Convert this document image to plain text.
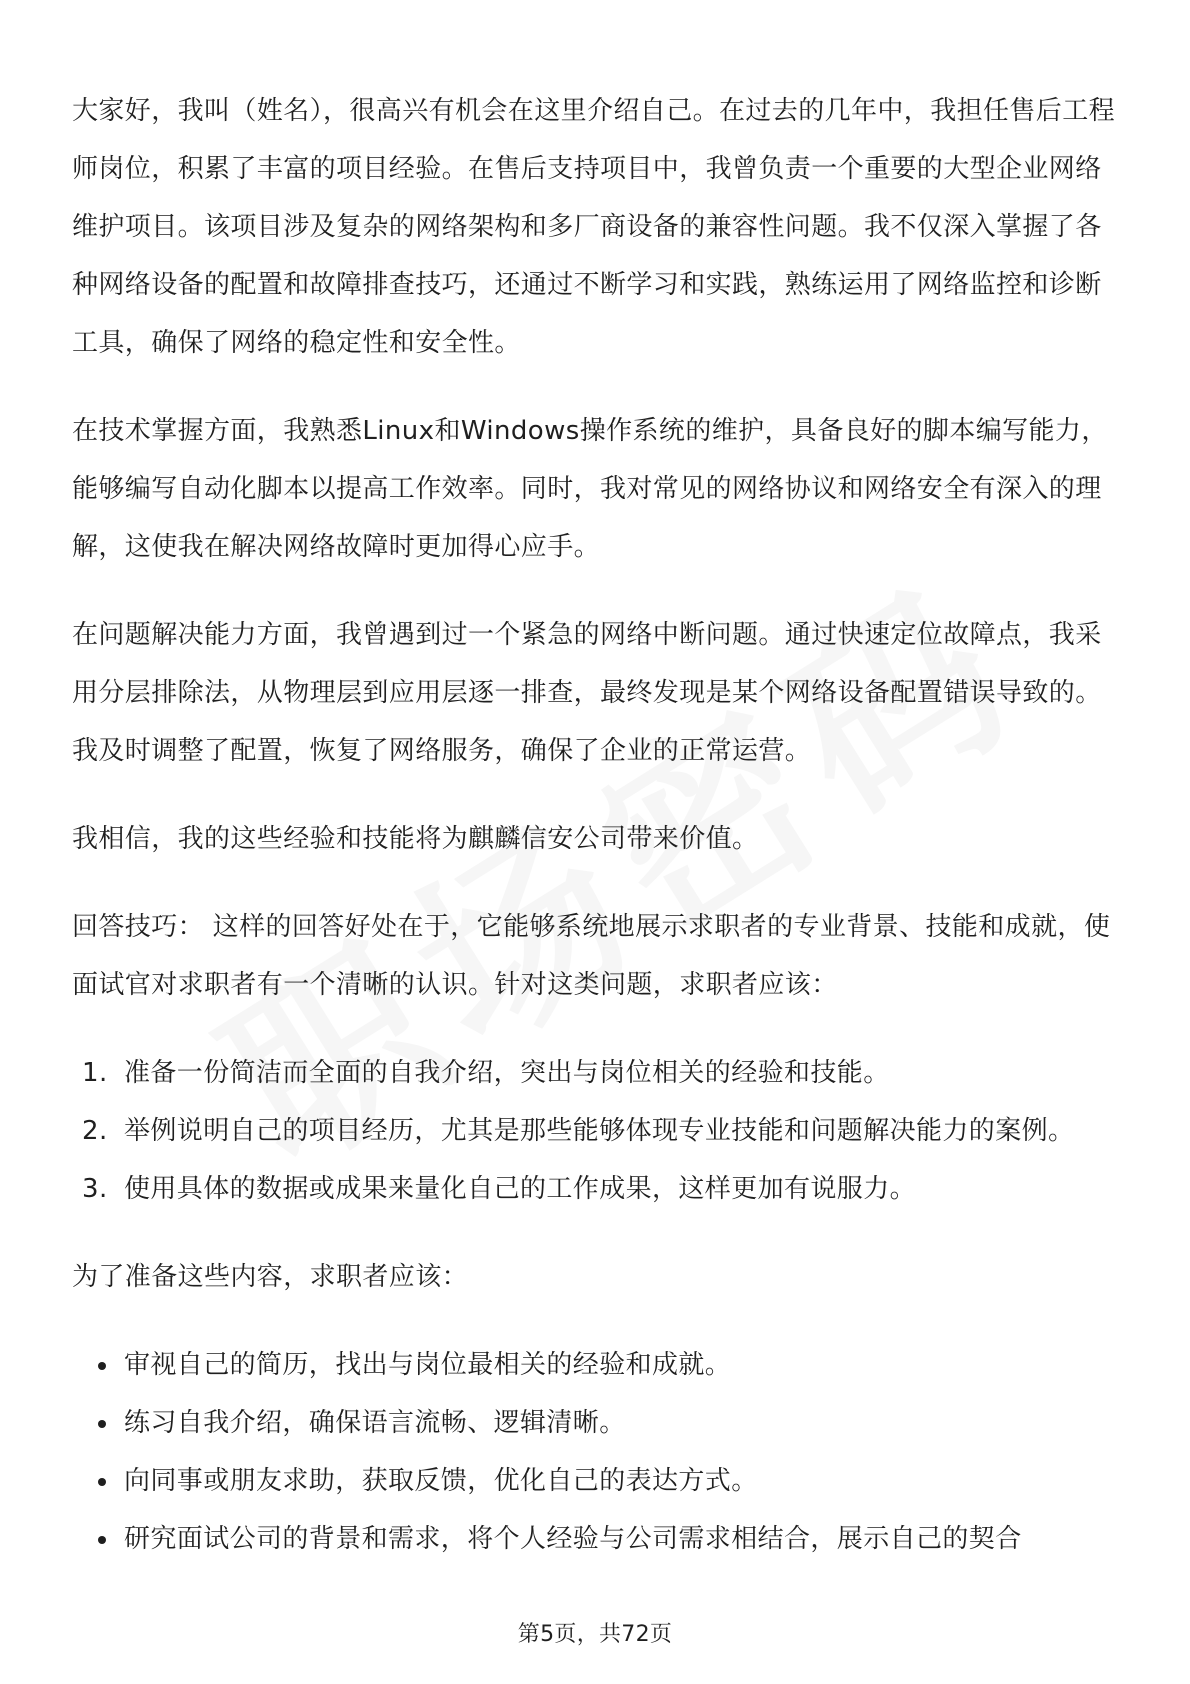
大家好，我叫（姓名），很高兴有机会在这里介绍自己。在过去的几年中，我担任售后工程师岗位，积累了丰富的项目经验。在售后支持项目中，我曾负责一个重要的大型企业网络维护项目。该项目涉及复杂的网络架构和多厂商设备的兼容性问题。我不仅深入掌握了各种网络设备的配置和故障排查技巧，还通过不断学习和实践，熟练运用了网络监控和诊断工具，确保了网络的稳定性和安全性。

在技术掌握方面，我熟悉Linux和Windows操作系统的维护，具备良好的脚本编写能力，能够编写自动化脚本以提高工作效率。同时，我对常见的网络协议和网络安全有深入的理解，这使我在解决网络故障时更加得心应手。

在问题解决能力方面，我曾遇到过一个紧急的网络中断问题。通过快速定位故障点，我采用分层排除法，从物理层到应用层逐一排查，最终发现是某个网络设备配置错误导致的。我及时调整了配置，恢复了网络服务，确保了企业的正常运营。

我相信，我的这些经验和技能将为麒麟信安公司带来价值。

回答技巧： 这样的回答好处在于，它能够系统地展示求职者的专业背景、技能和成就，使面试官对求职者有一个清晰的认识。针对这类问题，求职者应该：

1. 准备一份简洁而全面的自我介绍，突出与岗位相关的经验和技能。
2. 举例说明自己的项目经历，尤其是那些能够体现专业技能和问题解决能力的案例。
3. 使用具体的数据或成果来量化自己的工作成果，这样更加有说服力。

为了准备这些内容，求职者应该：

审视自己的简历，找出与岗位最相关的经验和成就。
练习自我介绍，确保语言流畅、逻辑清晰。
向同事或朋友求助，获取反馈，优化自己的表达方式。
研究面试公司的背景和需求，将个人经验与公司需求相结合，展示自己的契合
第5页，共72页
